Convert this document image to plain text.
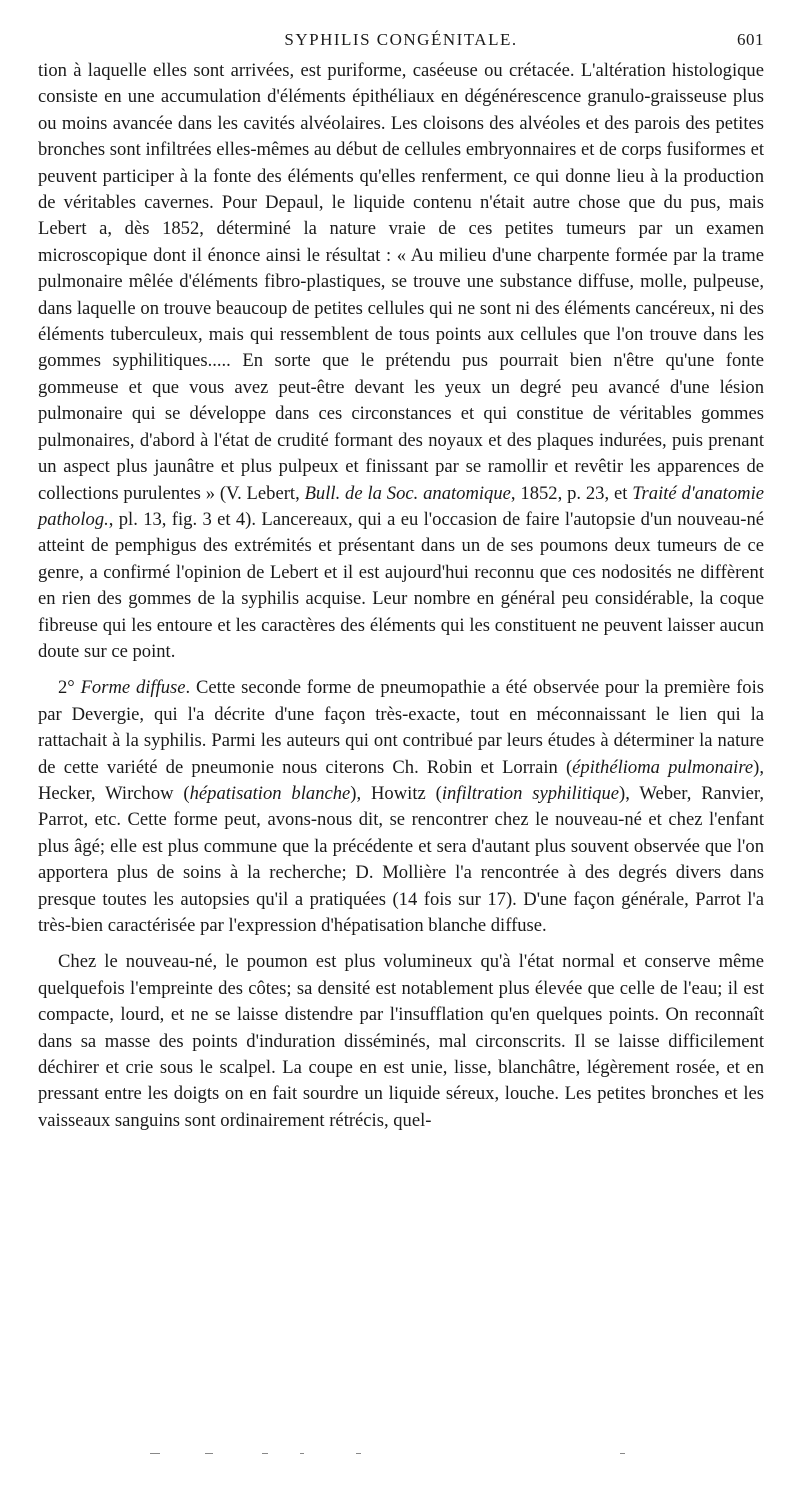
SYPHILIS CONGÉNITALE.	601

tion à laquelle elles sont arrivées, est puriforme, caséeuse ou crétacée. L'altération histologique consiste en une accumulation d'éléments épithéliaux en dégénérescence granulo-graisseuse plus ou moins avancée dans les cavités alvéolaires. Les cloisons des alvéoles et des parois des petites bronches sont infiltrées elles-mêmes au début de cellules embryonnaires et de corps fusiformes et peuvent participer à la fonte des éléments qu'elles renferment, ce qui donne lieu à la production de véritables cavernes. Pour Depaul, le liquide contenu n'était autre chose que du pus, mais Lebert a, dès 1852, déterminé la nature vraie de ces petites tumeurs par un examen microscopique dont il énonce ainsi le résultat : « Au milieu d'une charpente formée par la trame pulmonaire mêlée d'éléments fibro-plastiques, se trouve une substance diffuse, molle, pulpeuse, dans laquelle on trouve beaucoup de petites cellules qui ne sont ni des éléments cancéreux, ni des éléments tuberculeux, mais qui ressemblent de tous points aux cellules que l'on trouve dans les gommes syphilitiques..... En sorte que le prétendu pus pourrait bien n'être qu'une fonte gommeuse et que vous avez peut-être devant les yeux un degré peu avancé d'une lésion pulmonaire qui se développe dans ces circonstances et qui constitue de véritables gommes pulmonaires, d'abord à l'état de crudité formant des noyaux et des plaques indurées, puis prenant un aspect plus jaunâtre et plus pulpeux et finissant par se ramollir et revêtir les apparences de collections purulentes » (V. Lebert, Bull. de la Soc. anatomique, 1852, p. 23, et Traité d'anatomie patholog., pl. 13, fig. 3 et 4). Lancereaux, qui a eu l'occasion de faire l'autopsie d'un nouveau-né atteint de pemphigus des extrémités et présentant dans un de ses poumons deux tumeurs de ce genre, a confirmé l'opinion de Lebert et il est aujourd'hui reconnu que ces nodosités ne diffèrent en rien des gommes de la syphilis acquise. Leur nombre en général peu considérable, la coque fibreuse qui les entoure et les caractères des éléments qui les constituent ne peuvent laisser aucun doute sur ce point.

2° Forme diffuse. Cette seconde forme de pneumopathie a été observée pour la première fois par Devergie, qui l'a décrite d'une façon très-exacte, tout en méconnaissant le lien qui la rattachait à la syphilis. Parmi les auteurs qui ont contribué par leurs études à déterminer la nature de cette variété de pneumonie nous citerons Ch. Robin et Lorrain (épithélioma pulmonaire), Hecker, Wirchow (hépatisation blanche), Howitz (infiltration syphilitique), Weber, Ranvier, Parrot, etc. Cette forme peut, avons-nous dit, se rencontrer chez le nouveau-né et chez l'enfant plus âgé; elle est plus commune que la précédente et sera d'autant plus souvent observée que l'on apportera plus de soins à la recherche; D. Mollière l'a rencontrée à des degrés divers dans presque toutes les autopsies qu'il a pratiquées (14 fois sur 17). D'une façon générale, Parrot l'a très-bien caractérisée par l'expression d'hépatisation blanche diffuse.

Chez le nouveau-né, le poumon est plus volumineux qu'à l'état normal et conserve même quelquefois l'empreinte des côtes; sa densité est notablement plus élevée que celle de l'eau; il est compacte, lourd, et ne se laisse distendre par l'insufflation qu'en quelques points. On reconnaît dans sa masse des points d'induration disséminés, mal circonscrits. Il se laisse difficilement déchirer et crie sous le scalpel. La coupe en est unie, lisse, blanchâtre, légèrement rosée, et en pressant entre les doigts on en fait sourdre un liquide séreux, louche. Les petites bronches et les vaisseaux sanguins sont ordinairement rétrécis, quel-
